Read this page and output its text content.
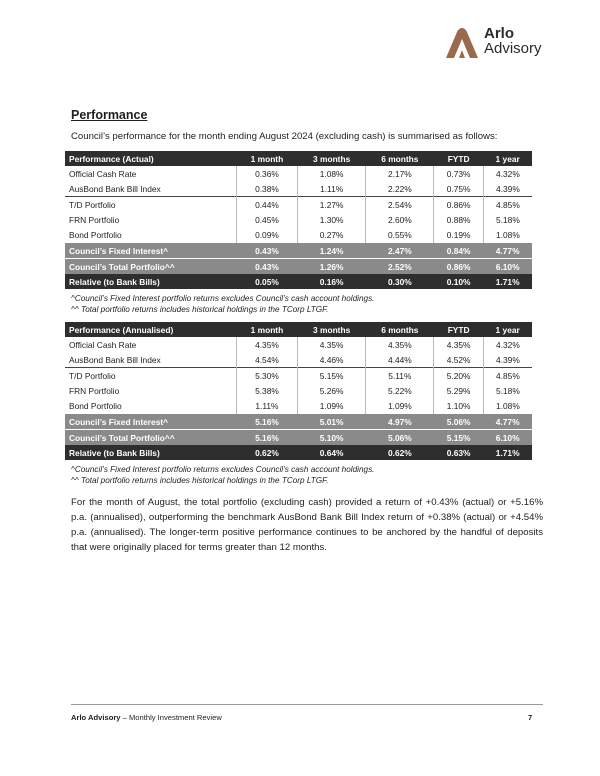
Arlo
Advisory
Performance
Council’s performance for the month ending August 2024 (excluding cash) is summarised as follows:
Performance (Actual)	1 month	3 months	6 months	FYTD	1 year
Official Cash Rate	0.36%	1.08%	2.17%	0.73%	4.32%
AusBond Bank Bill Index	0.38%	1.11%	2.22%	0.75%	4.39%
T/D Portfolio	0.44%	1.27%	2.54%	0.86%	4.85%
FRN Portfolio	0.45%	1.30%	2.60%	0.88%	5.18%
Bond Portfolio	0.09%	0.27%	0.55%	0.19%	1.08%
Council’s Fixed Interest^	0.43%	1.24%	2.47%	0.84%	4.77%
Council’s Total Portfolio^^	0.43%	1.26%	2.52%	0.86%	6.10%
Relative (to Bank Bills)	0.05%	0.16%	0.30%	0.10%	1.71%
^Council’s Fixed Interest portfolio returns excludes Council’s cash account holdings.
^^ Total portfolio returns includes historical holdings in the TCorp LTGF.
Performance (Annualised)	1 month	3 months	6 months	FYTD	1 year
Official Cash Rate	4.35%	4.35%	4.35%	4.35%	4.32%
AusBond Bank Bill Index	4.54%	4.46%	4.44%	4.52%	4.39%
T/D Portfolio	5.30%	5.15%	5.11%	5.20%	4.85%
FRN Portfolio	5.38%	5.26%	5.22%	5.29%	5.18%
Bond Portfolio	1.11%	1.09%	1.09%	1.10%	1.08%
Council’s Fixed Interest^	5.16%	5.01%	4.97%	5.06%	4.77%
Council’s Total Portfolio^^	5.16%	5.10%	5.06%	5.15%	6.10%
Relative (to Bank Bills)	0.62%	0.64%	0.62%	0.63%	1.71%
^Council’s Fixed Interest portfolio returns excludes Council’s cash account holdings.
^^ Total portfolio returns includes historical holdings in the TCorp LTGF.
For the month of August, the total portfolio (excluding cash) provided a return of +0.43% (actual) or +5.16% p.a. (annualised), outperforming the benchmark AusBond Bank Bill Index return of +0.38% (actual) or +4.54% p.a. (annualised). The longer-term positive performance continues to be anchored by the handful of deposits that were originally placed for terms greater than 12 months.
Arlo Advisory – Monthly Investment Review	7
